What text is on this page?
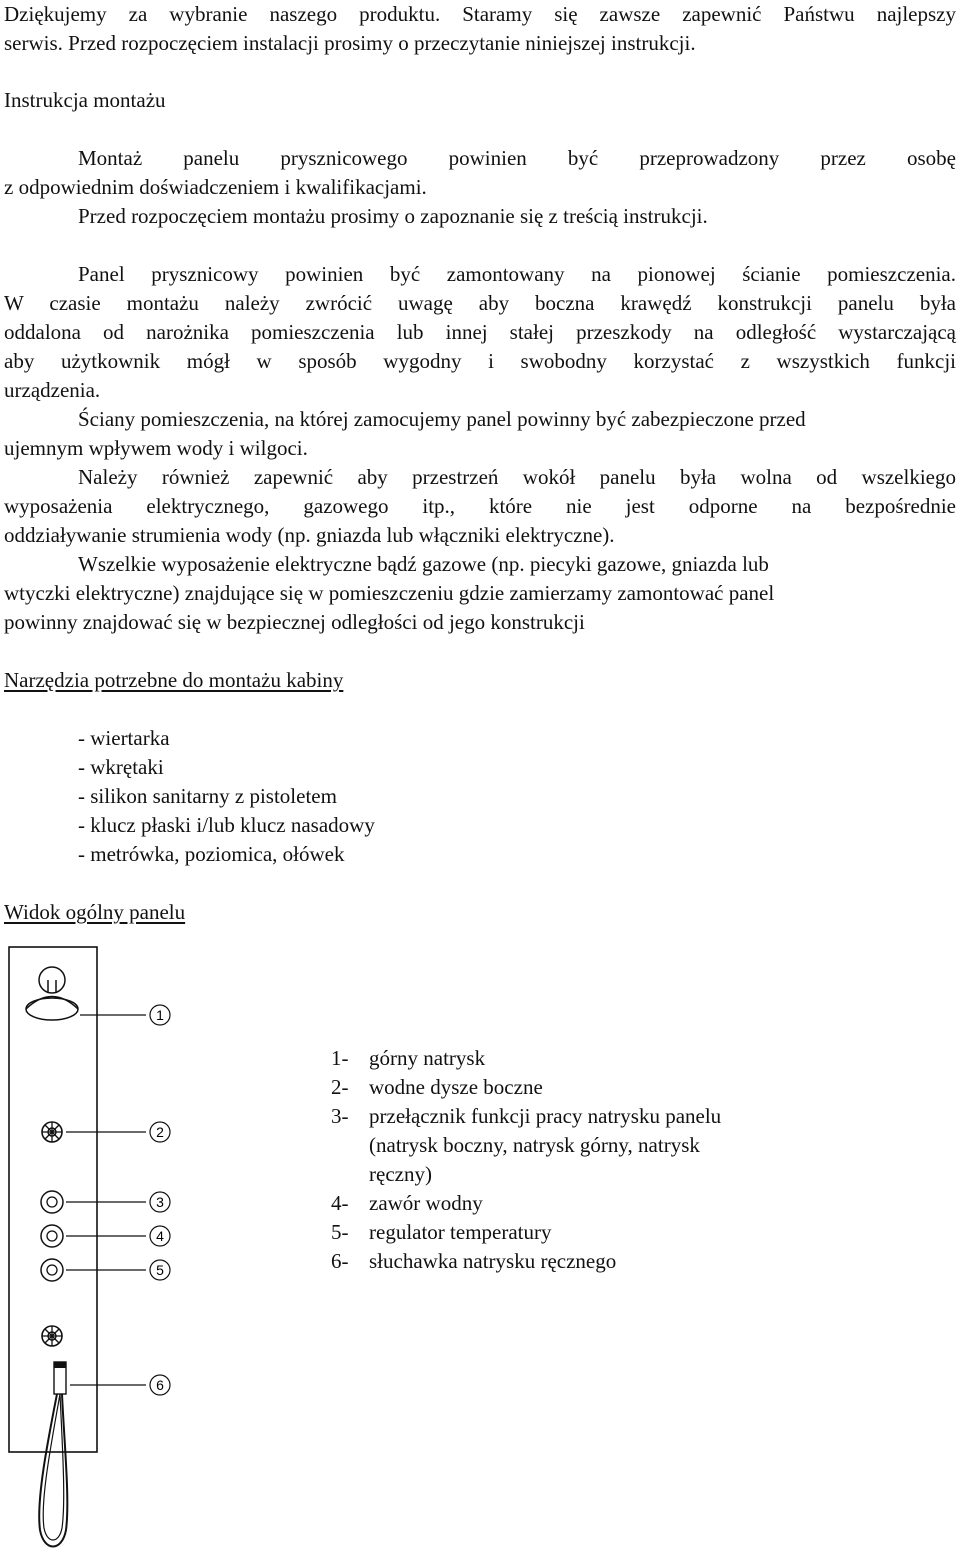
Dziękujemy za wybranie naszego produktu. Staramy się zawsze zapewnić Państwu najlepszy
serwis. Przed rozpoczęciem instalacji prosimy o przeczytanie niniejszej instrukcji.
Instrukcja montażu
Montaż panelu prysznicowego powinien być przeprowadzony przez osobę
z odpowiednim doświadczeniem i kwalifikacjami.
Przed rozpoczęciem montażu prosimy o zapoznanie się z treścią instrukcji.
Panel prysznicowy powinien być zamontowany na pionowej ścianie pomieszczenia.
W czasie montażu należy zwrócić uwagę aby boczna krawędź konstrukcji panelu była
oddalona od narożnika pomieszczenia lub innej stałej przeszkody na odległość wystarczającą
aby użytkownik mógł w sposób wygodny i swobodny korzystać z wszystkich funkcji
urządzenia.
Ściany pomieszczenia, na której zamocujemy panel powinny być zabezpieczone przed
ujemnym wpływem wody i wilgoci.
Należy również zapewnić aby przestrzeń wokół panelu była wolna od wszelkiego
wyposażenia elektrycznego, gazowego itp., które nie jest odporne na bezpośrednie
oddziaływanie strumienia wody (np. gniazda lub włączniki elektryczne).
Wszelkie wyposażenie elektryczne bądź gazowe (np. piecyki gazowe, gniazda lub
wtyczki elektryczne) znajdujące się w pomieszczeniu gdzie zamierzamy zamontować panel
powinny znajdować się w bezpiecznej odległości od jego konstrukcji
Narzędzia potrzebne do montażu kabiny
- wiertarka
- wkrętaki
- silikon sanitarny z pistoletem
- klucz płaski i/lub klucz nasadowy
- metrówka, poziomica, ołówek
Widok ogólny panelu
1
2
3
4
5
6
1- górny natrysk
2- wodne dysze boczne
3- przełącznik funkcji pracy natrysku panelu
(natrysk boczny, natrysk górny, natrysk
ręczny)
4- zawór wodny
5- regulator temperatury
6- słuchawka natrysku ręcznego
